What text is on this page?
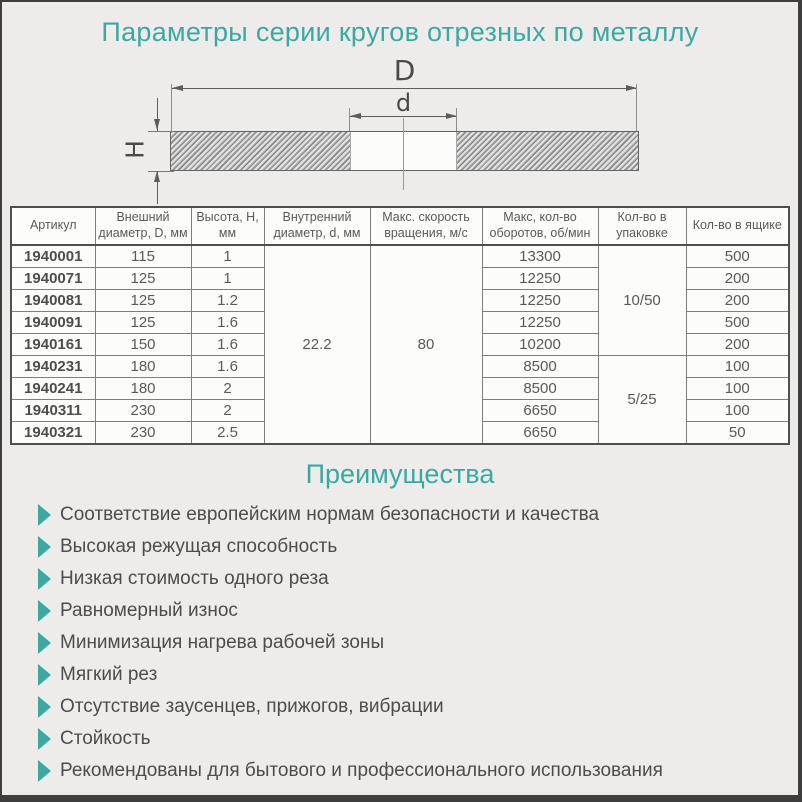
Параметры серии кругов отрезных по металлу
D
d
H
Артикул	Внешний диаметр, D, мм	Высота, H, мм	Внутренний диаметр, d, мм	Макс. скорость вращения, м/с	Макс, кол-во оборотов, об/мин	Кол-во в упаковке	Кол-во в ящике
1940001	115	1	22.2	80	13300	10/50	500
1940071	125	1			12250		200
1940081	125	1.2			12250		200
1940091	125	1.6			12250		500
1940161	150	1.6			10200		200
1940231	180	1.6			8500	5/25	100
1940241	180	2			8500		100
1940311	230	2			6650		100
1940321	230	2.5			6650		50
Преимущества
Соответствие европейским нормам безопасности и качества
Высокая режущая способность
Низкая стоимость одного реза
Равномерный износ
Минимизация нагрева рабочей зоны
Мягкий рез
Отсутствие заусенцев, прижогов, вибрации
Стойкость
Рекомендованы для бытового и профессионального использования
